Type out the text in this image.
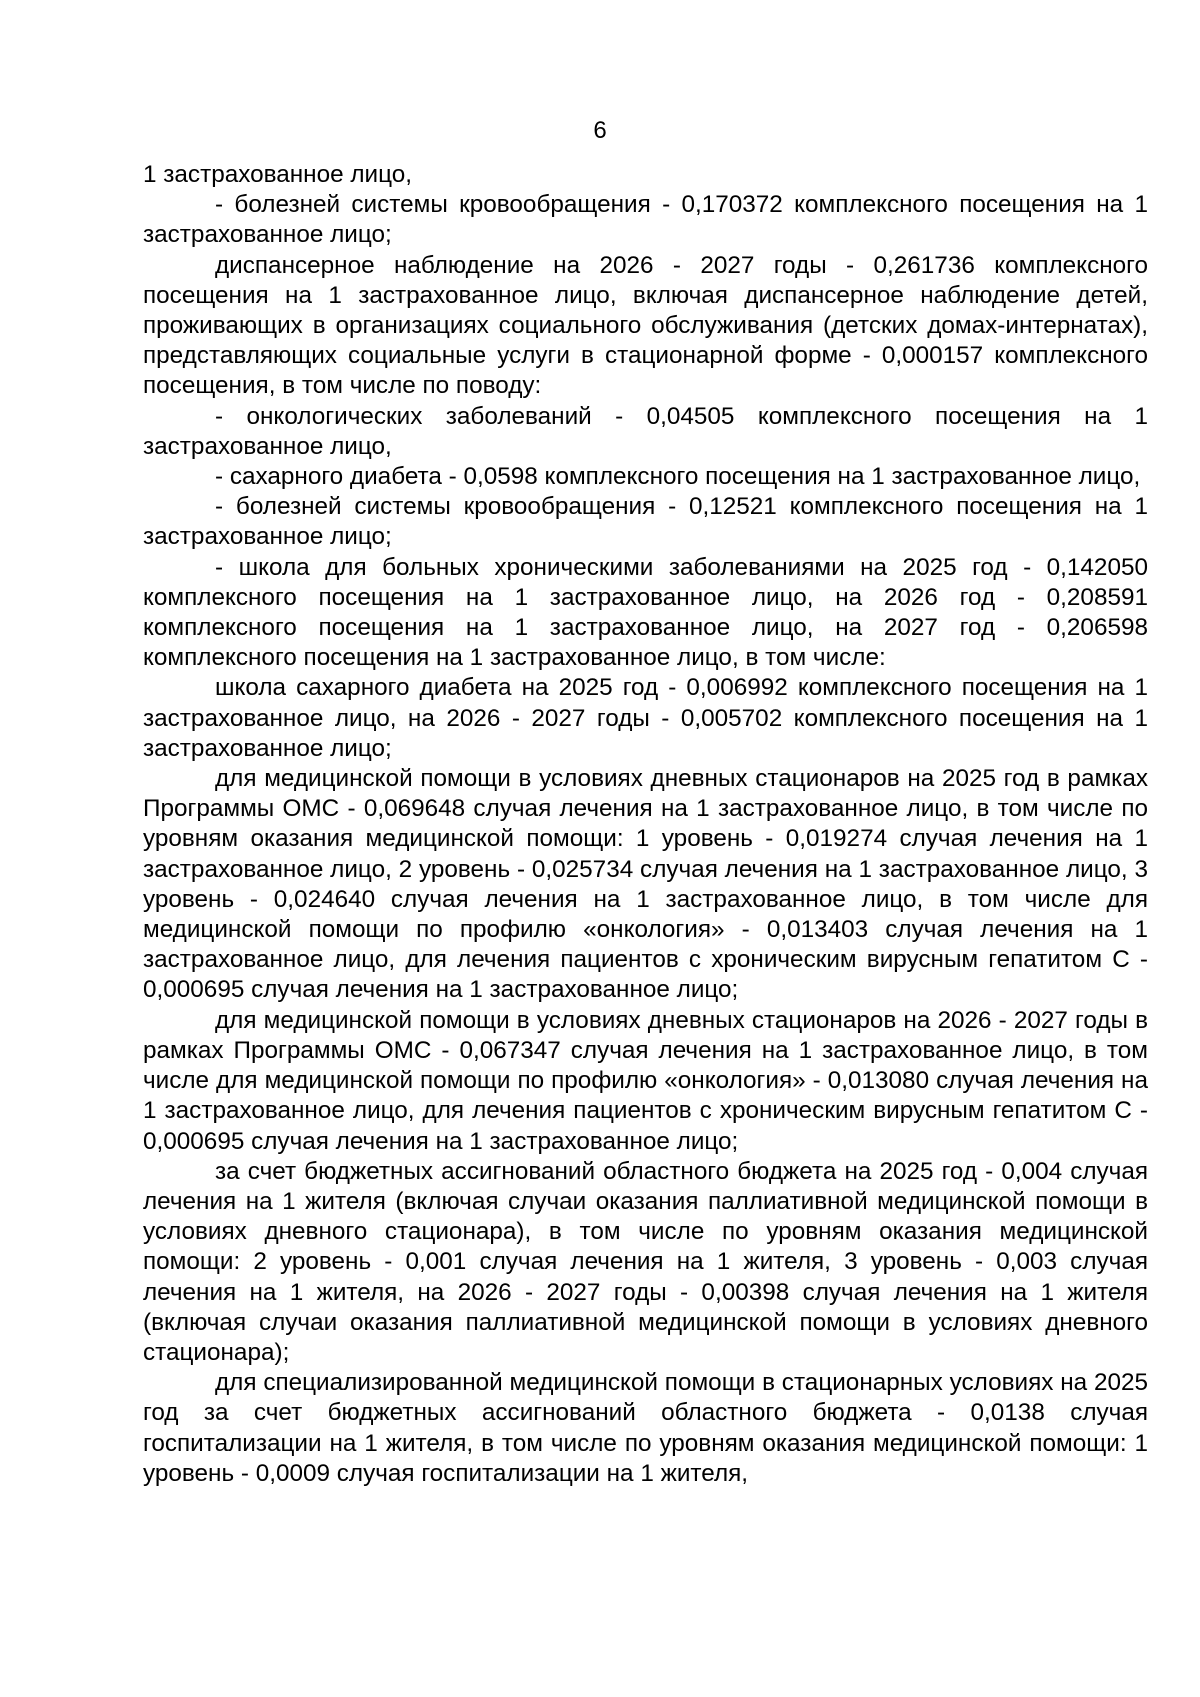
6

1 застрахованное лицо,

- болезней системы кровообращения - 0,170372 комплексного посещения на 1 застрахованное лицо;

диспансерное наблюдение на 2026 - 2027 годы - 0,261736 комплексного посещения на 1 застрахованное лицо, включая диспансерное наблюдение детей, проживающих в организациях социального обслуживания (детских домах-интернатах), представляющих социальные услуги в стационарной форме - 0,000157 комплексного посещения, в том числе по поводу:

- онкологических заболеваний - 0,04505 комплексного посещения на 1 застрахованное лицо,

- сахарного диабета - 0,0598 комплексного посещения на 1 застрахованное лицо,

- болезней системы кровообращения - 0,12521 комплексного посещения на 1 застрахованное лицо;

- школа для больных хроническими заболеваниями на 2025 год - 0,142050 комплексного посещения на 1 застрахованное лицо, на 2026 год - 0,208591 комплексного посещения на 1 застрахованное лицо, на 2027 год - 0,206598 комплексного посещения на 1 застрахованное лицо, в том числе:

школа сахарного диабета на 2025 год - 0,006992 комплексного посещения на 1 застрахованное лицо, на 2026 - 2027 годы - 0,005702 комплексного посещения на 1 застрахованное лицо;

для медицинской помощи в условиях дневных стационаров на 2025 год в рамках Программы ОМС - 0,069648 случая лечения на 1 застрахованное лицо, в том числе по уровням оказания медицинской помощи: 1 уровень - 0,019274 случая лечения на 1 застрахованное лицо, 2 уровень - 0,025734 случая лечения на 1 застрахованное лицо, 3 уровень - 0,024640 случая лечения на 1 застрахованное лицо, в том числе для медицинской помощи по профилю «онкология» - 0,013403 случая лечения на 1 застрахованное лицо, для лечения пациентов с хроническим вирусным гепатитом С - 0,000695 случая лечения на 1 застрахованное лицо;

для медицинской помощи в условиях дневных стационаров на 2026 - 2027 годы в рамках Программы ОМС - 0,067347 случая лечения на 1 застрахованное лицо, в том числе для медицинской помощи по профилю «онкология» - 0,013080 случая лечения на 1 застрахованное лицо, для лечения пациентов с хроническим вирусным гепатитом С - 0,000695 случая лечения на 1 застрахованное лицо;

за счет бюджетных ассигнований областного бюджета на 2025 год - 0,004 случая лечения на 1 жителя (включая случаи оказания паллиативной медицинской помощи в условиях дневного стационара), в том числе по уровням оказания медицинской помощи: 2 уровень - 0,001 случая лечения на 1 жителя, 3 уровень - 0,003 случая лечения на 1 жителя, на 2026 - 2027 годы - 0,00398 случая лечения на 1 жителя (включая случаи оказания паллиативной медицинской помощи в условиях дневного стационара);

для специализированной медицинской помощи в стационарных условиях на 2025 год за счет бюджетных ассигнований областного бюджета - 0,0138 случая госпитализации на 1 жителя, в том числе по уровням оказания медицинской помощи: 1 уровень - 0,0009 случая госпитализации на 1 жителя,
